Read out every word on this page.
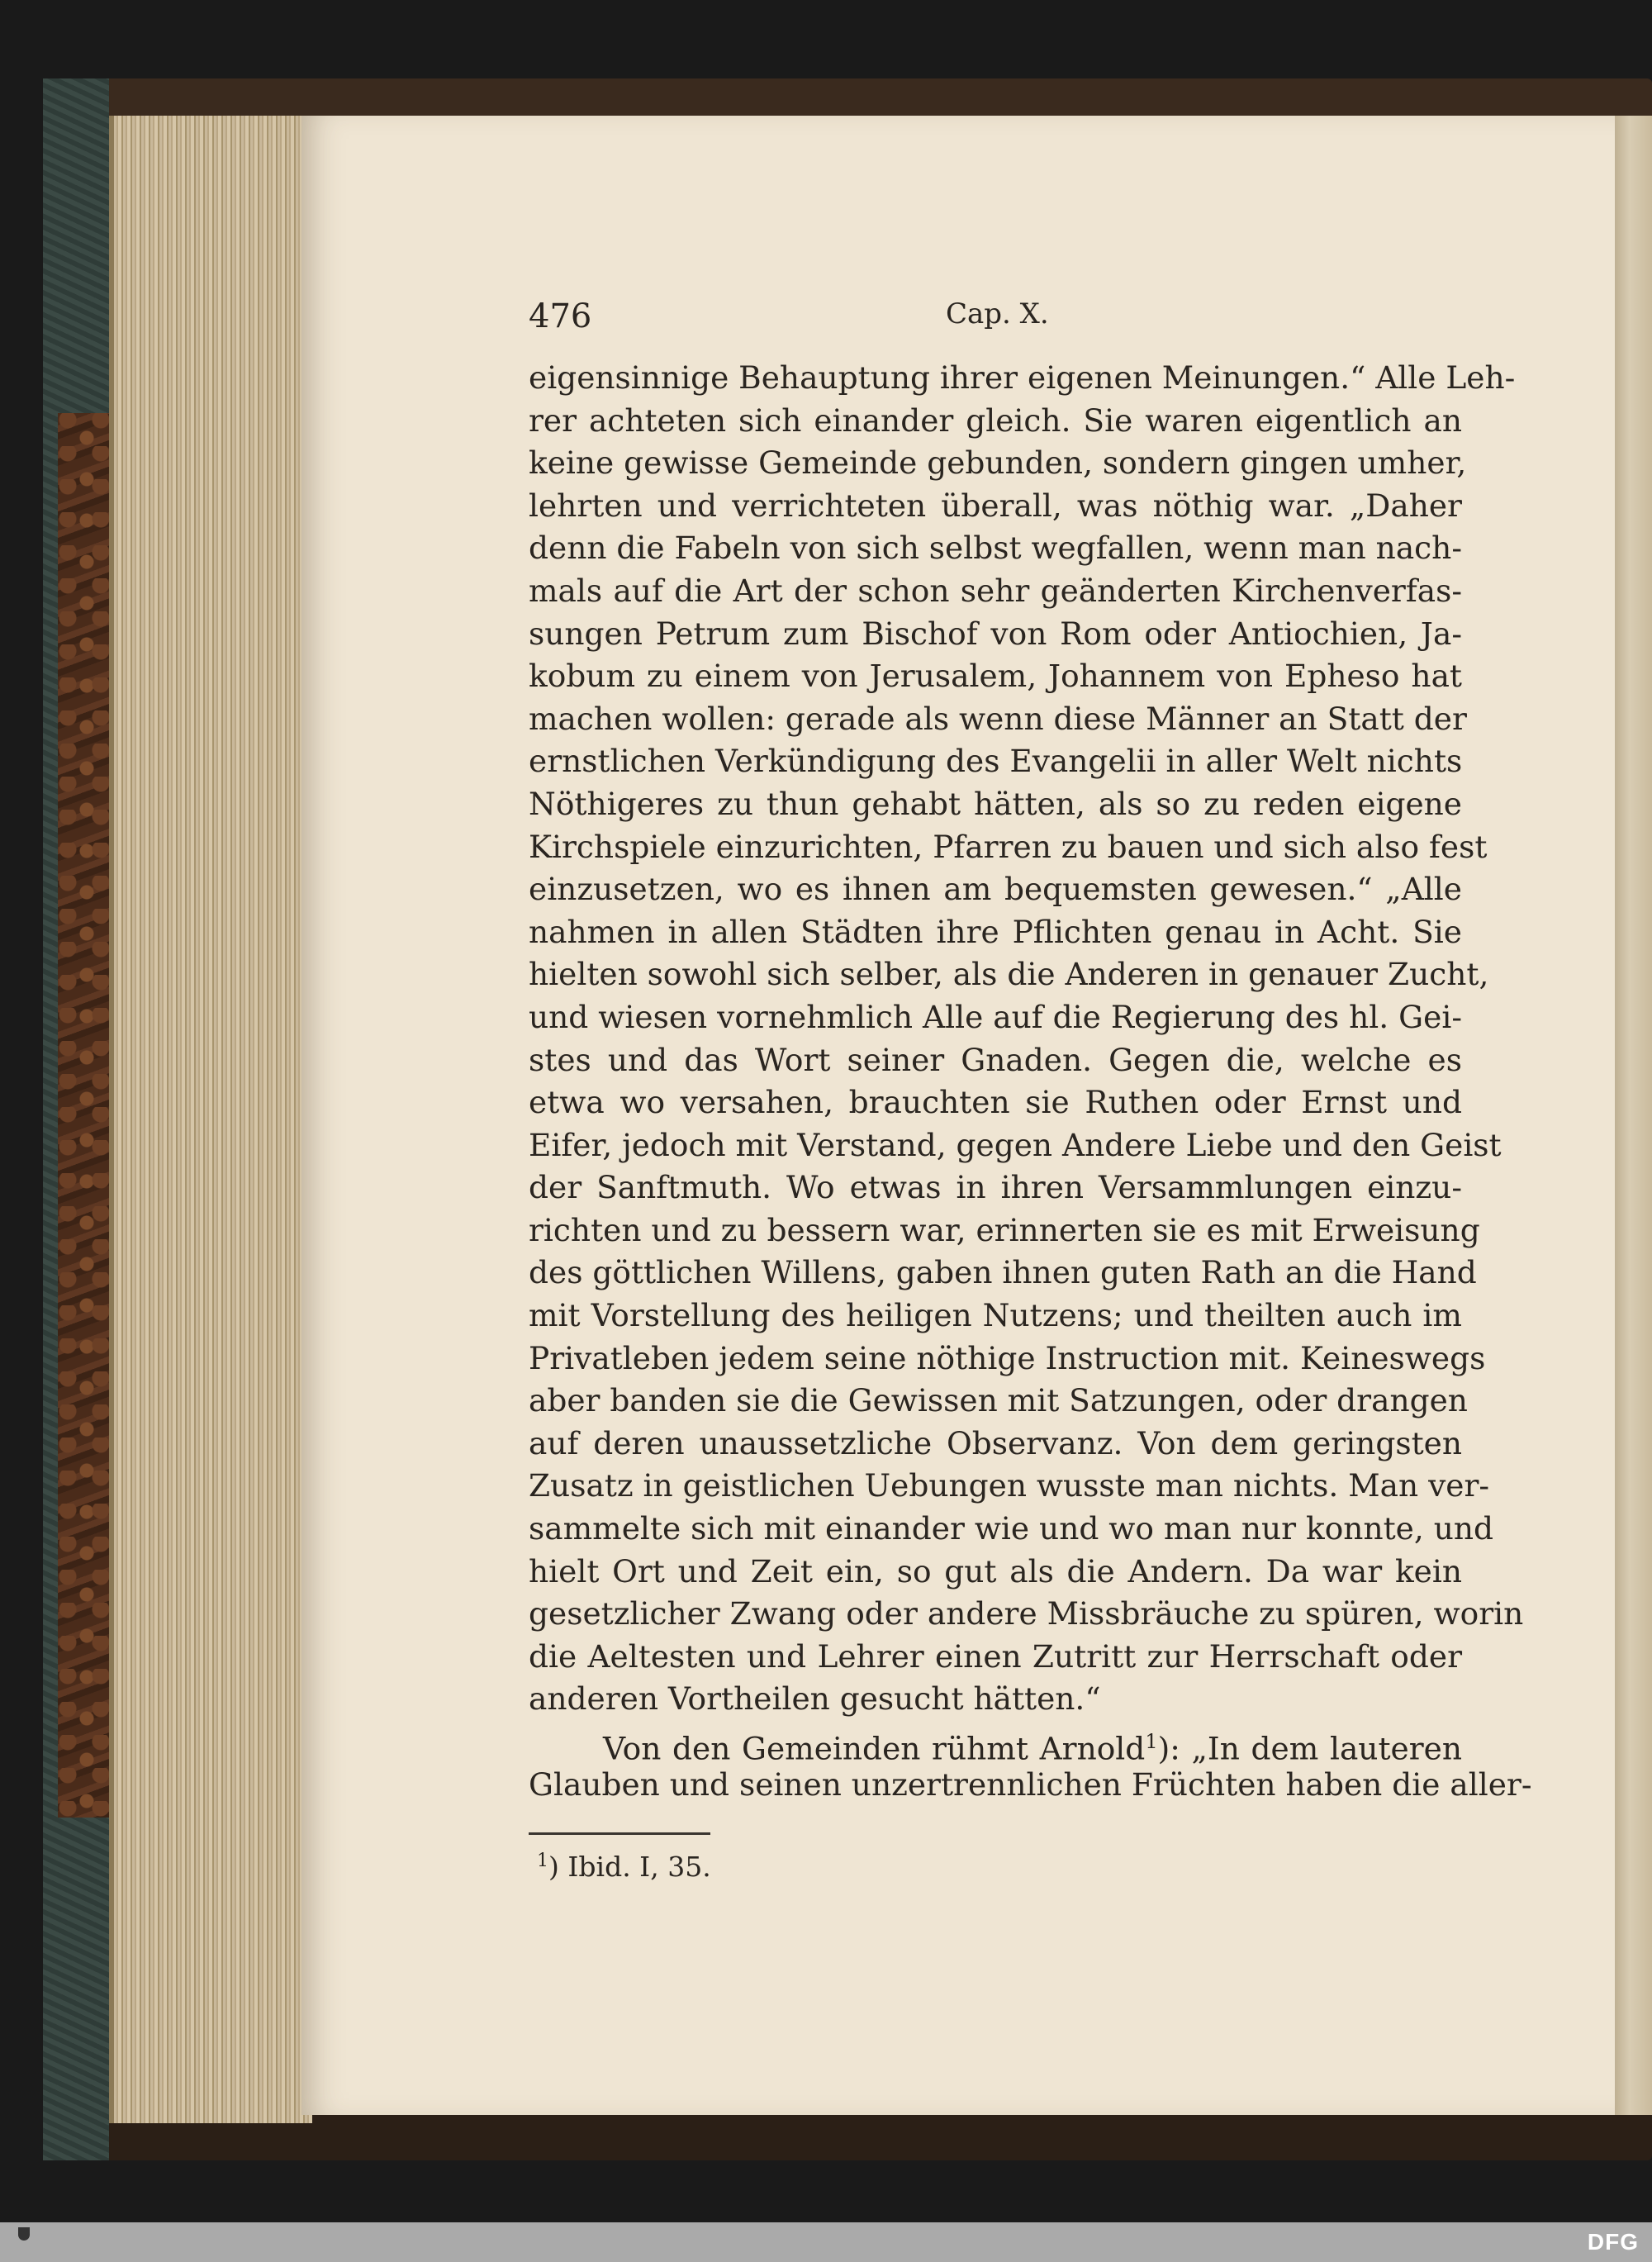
476	Cap. X.
eigensinnige Behauptung ihrer eigenen Meinungen.“ Alle Leh-
rer achteten sich einander gleich. Sie waren eigentlich an
keine gewisse Gemeinde gebunden, sondern gingen umher,
lehrten und verrichteten überall, was nöthig war. „Daher
denn die Fabeln von sich selbst wegfallen, wenn man nach-
mals auf die Art der schon sehr geänderten Kirchenverfas-
sungen Petrum zum Bischof von Rom oder Antiochien, Ja-
kobum zu einem von Jerusalem, Johannem von Epheso hat
machen wollen: gerade als wenn diese Männer an Statt der
ernstlichen Verkündigung des Evangelii in aller Welt nichts
Nöthigeres zu thun gehabt hätten, als so zu reden eigene
Kirchspiele einzurichten, Pfarren zu bauen und sich also fest
einzusetzen, wo es ihnen am bequemsten gewesen.“ „Alle
nahmen in allen Städten ihre Pflichten genau in Acht. Sie
hielten sowohl sich selber, als die Anderen in genauer Zucht,
und wiesen vornehmlich Alle auf die Regierung des hl. Gei-
stes und das Wort seiner Gnaden. Gegen die, welche es
etwa wo versahen, brauchten sie Ruthen oder Ernst und
Eifer, jedoch mit Verstand, gegen Andere Liebe und den Geist
der Sanftmuth. Wo etwas in ihren Versammlungen einzu-
richten und zu bessern war, erinnerten sie es mit Erweisung
des göttlichen Willens, gaben ihnen guten Rath an die Hand
mit Vorstellung des heiligen Nutzens; und theilten auch im
Privatleben jedem seine nöthige Instruction mit. Keineswegs
aber banden sie die Gewissen mit Satzungen, oder drangen
auf deren unaussetzliche Observanz. Von dem geringsten
Zusatz in geistlichen Uebungen wusste man nichts. Man ver-
sammelte sich mit einander wie und wo man nur konnte, und
hielt Ort und Zeit ein, so gut als die Andern. Da war kein
gesetzlicher Zwang oder andere Missbräuche zu spüren, worin
die Aeltesten und Lehrer einen Zutritt zur Herrschaft oder
anderen Vortheilen gesucht hätten.“
Von den Gemeinden rühmt Arnold$^1$): „In dem lauteren
Glauben und seinen unzertrennlichen Früchten haben die aller-
$^1$) Ibid. I, 35.
DFG
